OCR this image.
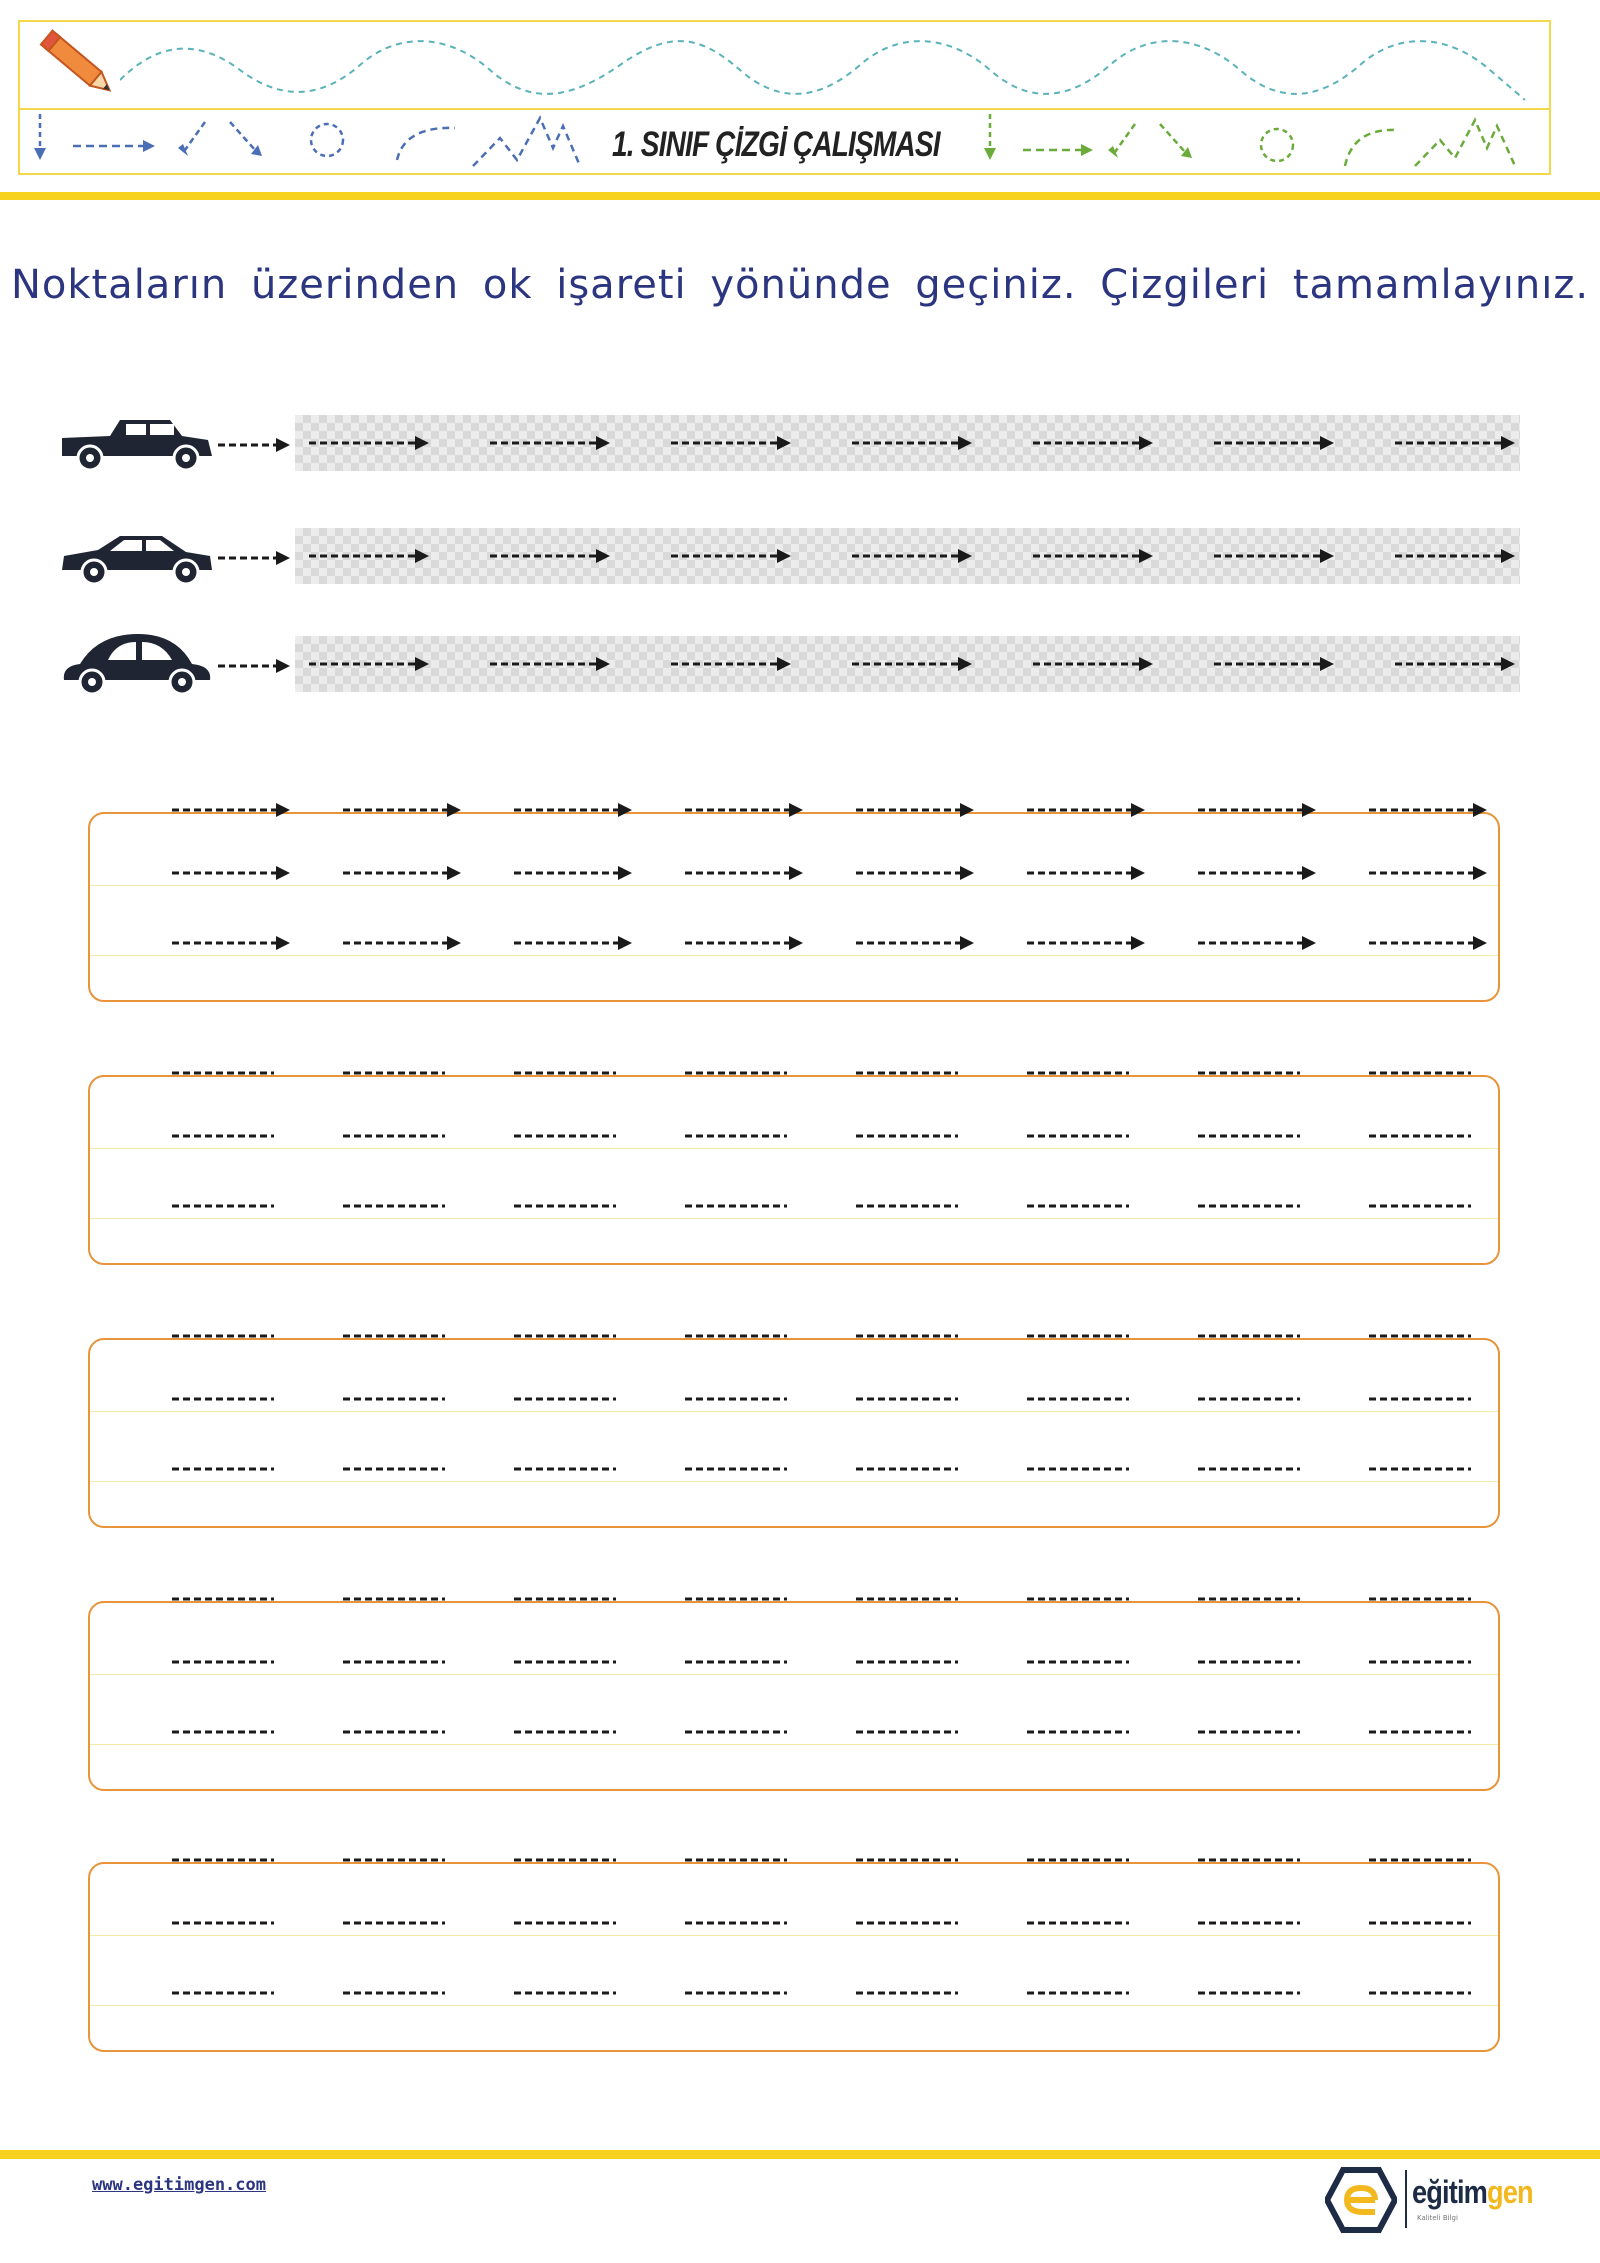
1. SINIF ÇİZGİ ÇALIŞMASI
Noktaların üzerinden ok işareti yönünde geçiniz. Çizgileri tamamlayınız.
www.egitimgen.com	eğitimgen
Kaliteli Bilgi
